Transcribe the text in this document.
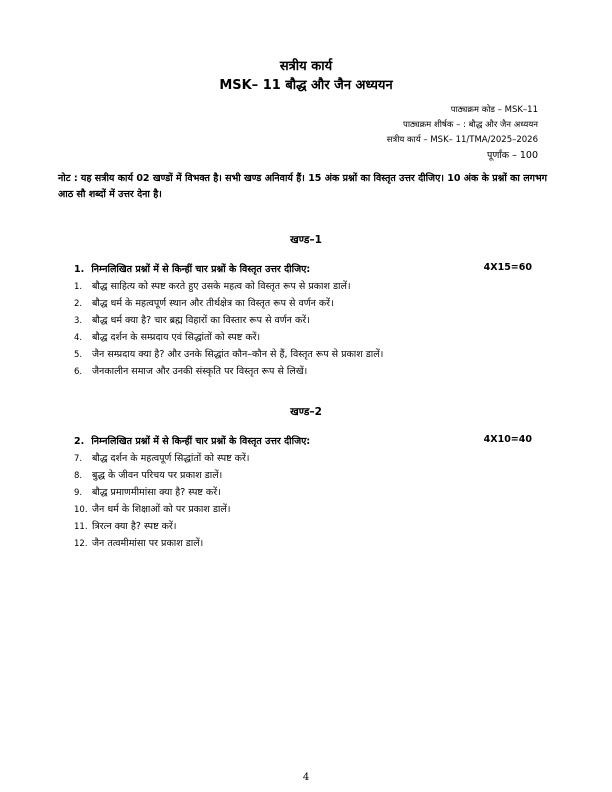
सत्रीय कार्य
MSK– 11 बौद्ध और जैन अध्ययन
पाठ्यक्रम कोड – MSK–11
पाठ्यक्रम शीर्षक – : बौद्ध और जैन अध्ययन
सत्रीय कार्य – MSK– 11/TMA/2025–2026
पूर्णांक – 100
नोट : यह सत्रीय कार्य 02 खण्डों में विभक्त है। सभी खण्ड अनिवार्य हैं। 15 अंक प्रश्नों का विस्तृत उत्तर दीजिए। 10 अंक के प्रश्नों का लगभग आठ सौ शब्दों में उत्तर देना है।
खण्ड–1
1. निम्नलिखित प्रश्नों में से किन्हीं चार प्रश्नों के विस्तृत उत्तर दीजिए:	4X15=60
1. बौद्ध साहित्य को स्पष्ट करते हुए उसके महत्व को विस्तृत रूप से प्रकाश डालें।
2. बौद्ध धर्म के महत्वपूर्ण स्थान और तीर्थक्षेत्र का विस्तृत रूप से वर्णन करें।
3. बौद्ध धर्म क्या है? चार ब्रह्म विहारों का विस्तार रूप से वर्णन करें।
4. बौद्ध दर्शन के सम्प्रदाय एवं सिद्धांतों को स्पष्ट करें।
5. जैन सम्प्रदाय क्या है? और उनके सिद्धांत कौन–कौन से हैं, विस्तृत रूप से प्रकाश डालें।
6. जैनकालीन समाज और उनकी संस्कृति पर विस्तृत रूप से लिखें।
खण्ड–2
2. निम्नलिखित प्रश्नों में से किन्हीं चार प्रश्नों के विस्तृत उत्तर दीजिए:	4X10=40
7. बौद्ध दर्शन के महत्वपूर्ण सिद्धांतों को स्पष्ट करें।
8. बुद्ध के जीवन परिचय पर प्रकाश डालें।
9. बौद्ध प्रमाणमीमांसा क्या है? स्पष्ट करें।
10. जैन धर्म के शिक्षाओं को पर प्रकाश डालें।
11. त्रिरत्न क्या है? स्पष्ट करें।
12. जैन तत्वमीमांसा पर प्रकाश डालें।
4
